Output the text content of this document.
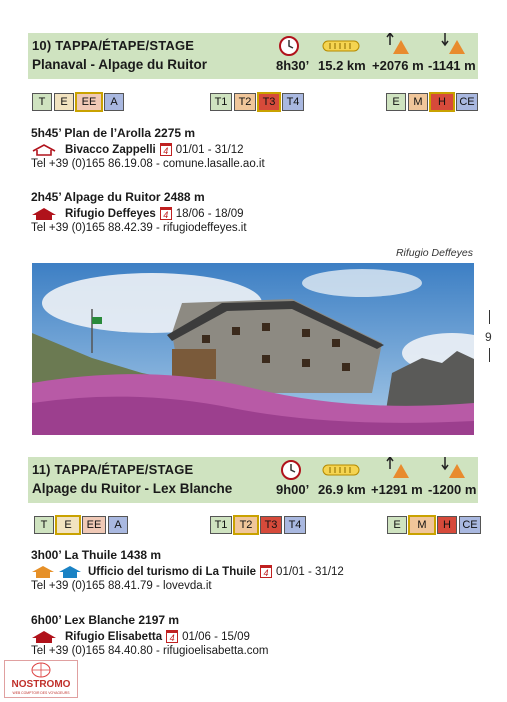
10) TAPPA/ÉTAPE/STAGE
Planaval - Alpage du Ruitor	8h30’ 15.2 km +2076 m -1141 m
T	E	EE	A	T1	T2	T3	T4	E	M	H	CE
5h45’ Plan de l’Arolla 2275 m
Bivacco Zappelli 4 01/01 - 31/12
Tel +39 (0)165 86.19.08 - comune.lasalle.ao.it
2h45’ Alpage du Ruitor 2488 m
Rifugio Deffeyes 4 18/06 - 18/09
Tel +39 (0)165 88.42.39 - rifugiodeffeyes.it
Rifugio Deffeyes
9
11) TAPPA/ÉTAPE/STAGE
Alpage du Ruitor - Lex Blanche	9h00’ 26.9 km +1291 m -1200 m
T	E	EE	A	T1	T2	T3	T4	E	M	H	CE
3h00’ La Thuile 1438 m
Ufficio del turismo di La Thuile 4 01/01 - 31/12
Tel +39 (0)165 88.41.79 - lovevda.it
6h00’ Lex Blanche 2197 m
Rifugio Elisabetta 4 01/06 - 15/09
Tel +39 (0)165 84.40.80 - rifugioelisabetta.com
NOSTROMO
WEB COMPTOIR DES VOYAGEURS
